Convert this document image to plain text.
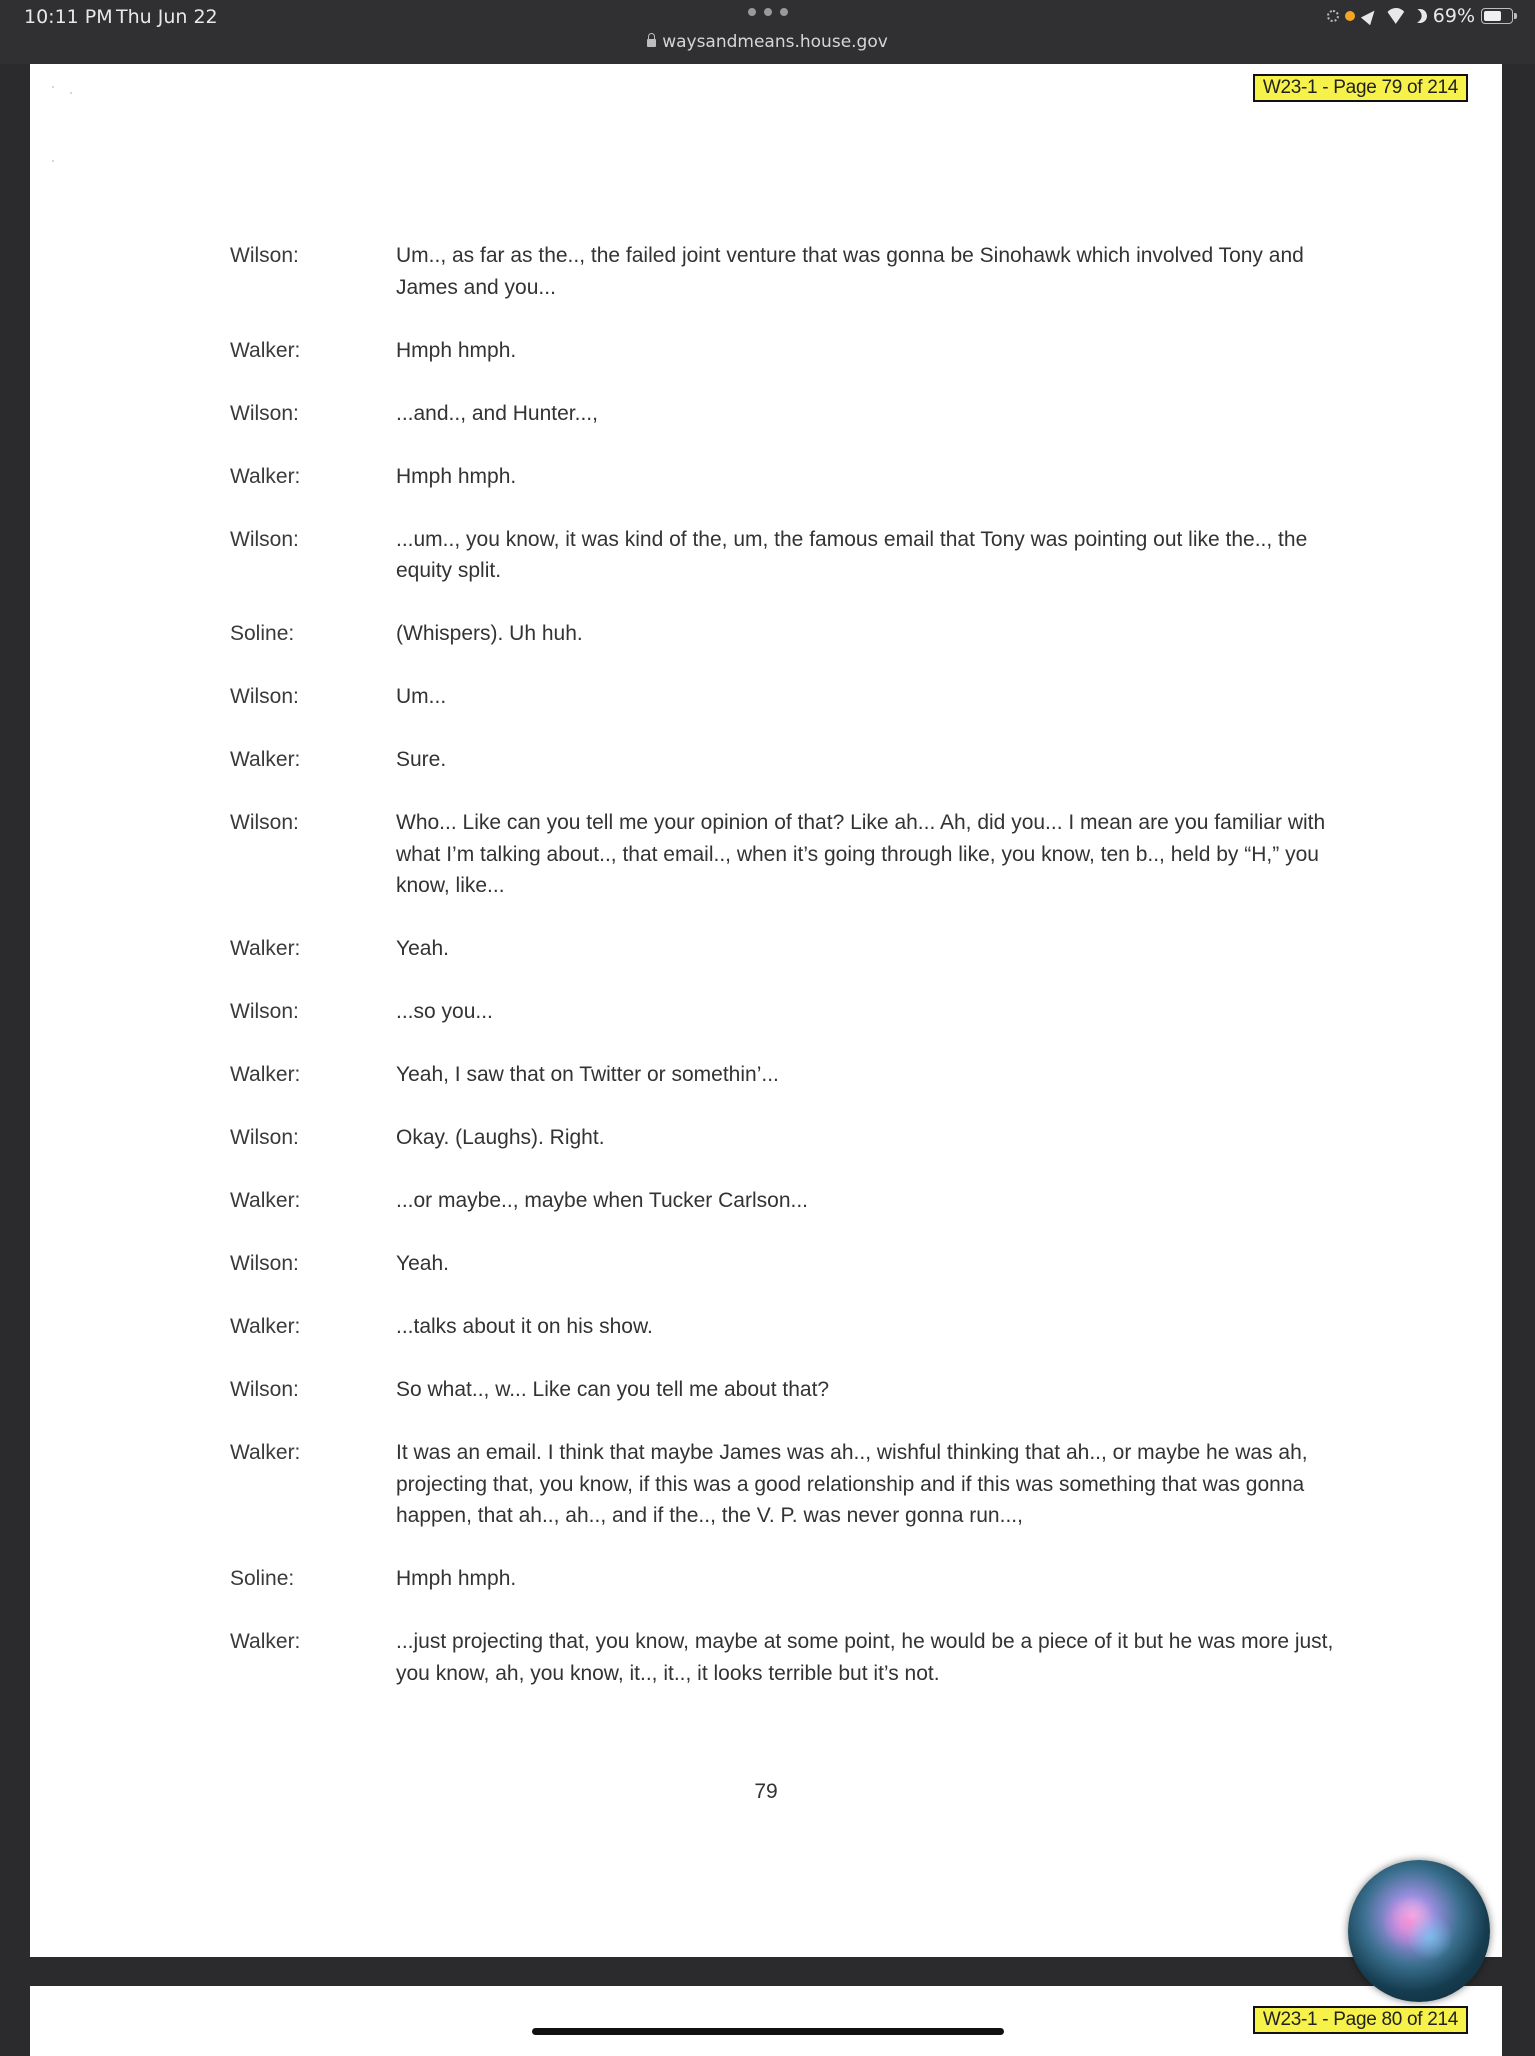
10:11 PM Thu Jun 22
waysandmeans.house.gov
69%
W23-1 - Page 79 of 214
Wilson:	Um.., as far as the.., the failed joint venture that was gonna be Sinohawk which involved Tony and James and you...
Walker:	Hmph hmph.
Wilson:	...and.., and Hunter...,
Walker:	Hmph hmph.
Wilson:	...um.., you know, it was kind of the, um, the famous email that Tony was pointing out like the.., the equity split.
Soline:	(Whispers). Uh huh.
Wilson:	Um...
Walker:	Sure.
Wilson:	Who... Like can you tell me your opinion of that? Like ah... Ah, did you... I mean are you familiar with what I’m talking about.., that email.., when it’s going through like, you know, ten b.., held by “H,” you know, like...
Walker:	Yeah.
Wilson:	...so you...
Walker:	Yeah, I saw that on Twitter or somethin’...
Wilson:	Okay. (Laughs). Right.
Walker:	...or maybe.., maybe when Tucker Carlson...
Wilson:	Yeah.
Walker:	...talks about it on his show.
Wilson:	So what.., w... Like can you tell me about that?
Walker:	It was an email. I think that maybe James was ah.., wishful thinking that ah.., or maybe he was ah, projecting that, you know, if this was a good relationship and if this was something that was gonna happen, that ah.., ah.., and if the.., the V. P. was never gonna run...,
Soline:	Hmph hmph.
Walker:	...just projecting that, you know, maybe at some point, he would be a piece of it but he was more just, you know, ah, you know, it.., it.., it looks terrible but it’s not.
79
W23-1 - Page 80 of 214
